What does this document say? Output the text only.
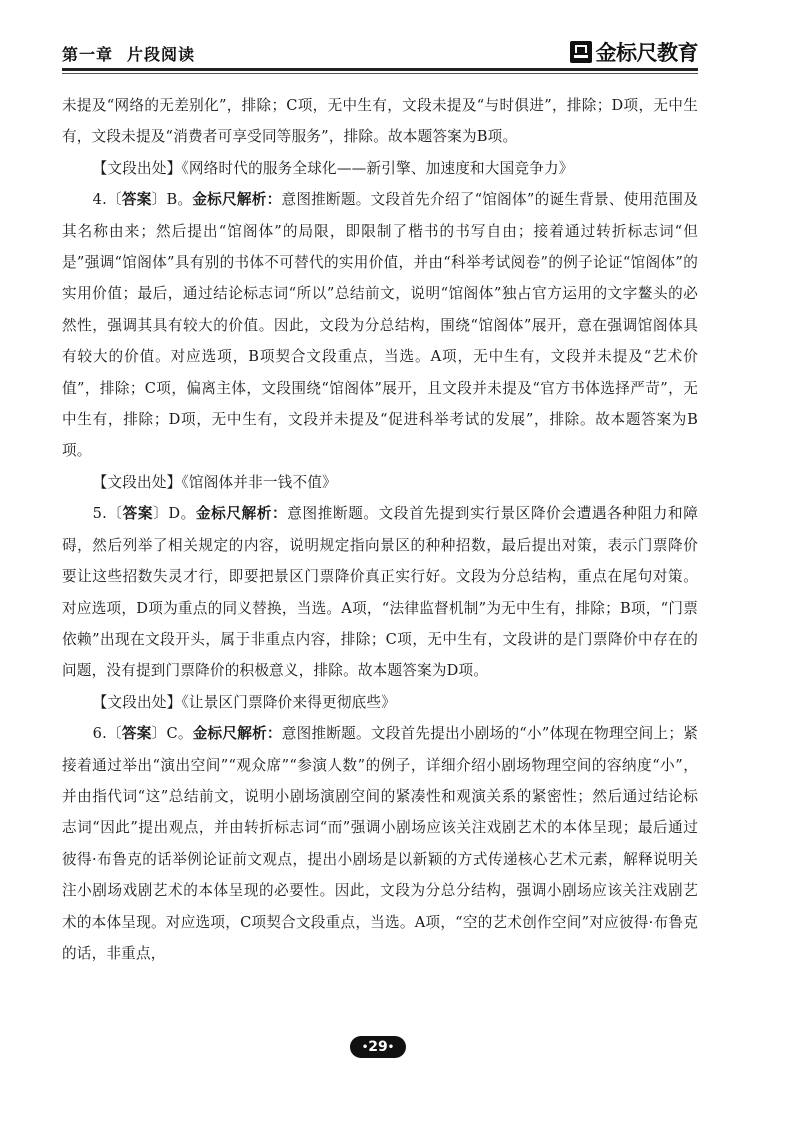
第一章 片段阅读	金标尺教育

未提及“网络的无差别化”，排除；C项，无中生有，文段未提及“与时俱进”，排除；D项，无中生有，文段未提及“消费者可享受同等服务”，排除。故本题答案为B项。

【文段出处】《网络时代的服务全球化——新引擎、加速度和大国竞争力》

4.〔答案〕B。金标尺解析：意图推断题。文段首先介绍了“馆阁体”的诞生背景、使用范围及其名称由来；然后提出“馆阁体”的局限，即限制了楷书的书写自由；接着通过转折标志词“但是”强调“馆阁体”具有别的书体不可替代的实用价值，并由“科举考试阅卷”的例子论证“馆阁体”的实用价值；最后，通过结论标志词“所以”总结前文，说明“馆阁体”独占官方运用的文字鳌头的必然性，强调其具有较大的价值。因此，文段为分总结构，围绕“馆阁体”展开，意在强调馆阁体具有较大的价值。对应选项，B项契合文段重点，当选。A项，无中生有，文段并未提及“艺术价值”，排除；C项，偏离主体，文段围绕“馆阁体”展开，且文段并未提及“官方书体选择严苛”，无中生有，排除；D项，无中生有，文段并未提及“促进科举考试的发展”，排除。故本题答案为B项。

【文段出处】《馆阁体并非一钱不值》

5.〔答案〕D。金标尺解析：意图推断题。文段首先提到实行景区降价会遭遇各种阻力和障碍，然后列举了相关规定的内容，说明规定指向景区的种种招数，最后提出对策，表示门票降价要让这些招数失灵才行，即要把景区门票降价真正实行好。文段为分总结构，重点在尾句对策。对应选项，D项为重点的同义替换，当选。A项，“法律监督机制”为无中生有，排除；B项，“门票依赖”出现在文段开头，属于非重点内容，排除；C项，无中生有，文段讲的是门票降价中存在的问题，没有提到门票降价的积极意义，排除。故本题答案为D项。

【文段出处】《让景区门票降价来得更彻底些》

6.〔答案〕C。金标尺解析：意图推断题。文段首先提出小剧场的“小”体现在物理空间上；紧接着通过举出“演出空间”“观众席”“参演人数”的例子，详细介绍小剧场物理空间的容纳度“小”，并由指代词“这”总结前文，说明小剧场演剧空间的紧凑性和观演关系的紧密性；然后通过结论标志词“因此”提出观点，并由转折标志词“而”强调小剧场应该关注戏剧艺术的本体呈现；最后通过彼得·布鲁克的话举例论证前文观点，提出小剧场是以新颖的方式传递核心艺术元素，解释说明关注小剧场戏剧艺术的本体呈现的必要性。因此，文段为分总分结构，强调小剧场应该关注戏剧艺术的本体呈现。对应选项，C项契合文段重点，当选。A项，“空的艺术创作空间”对应彼得·布鲁克的话，非重点，

•29•
